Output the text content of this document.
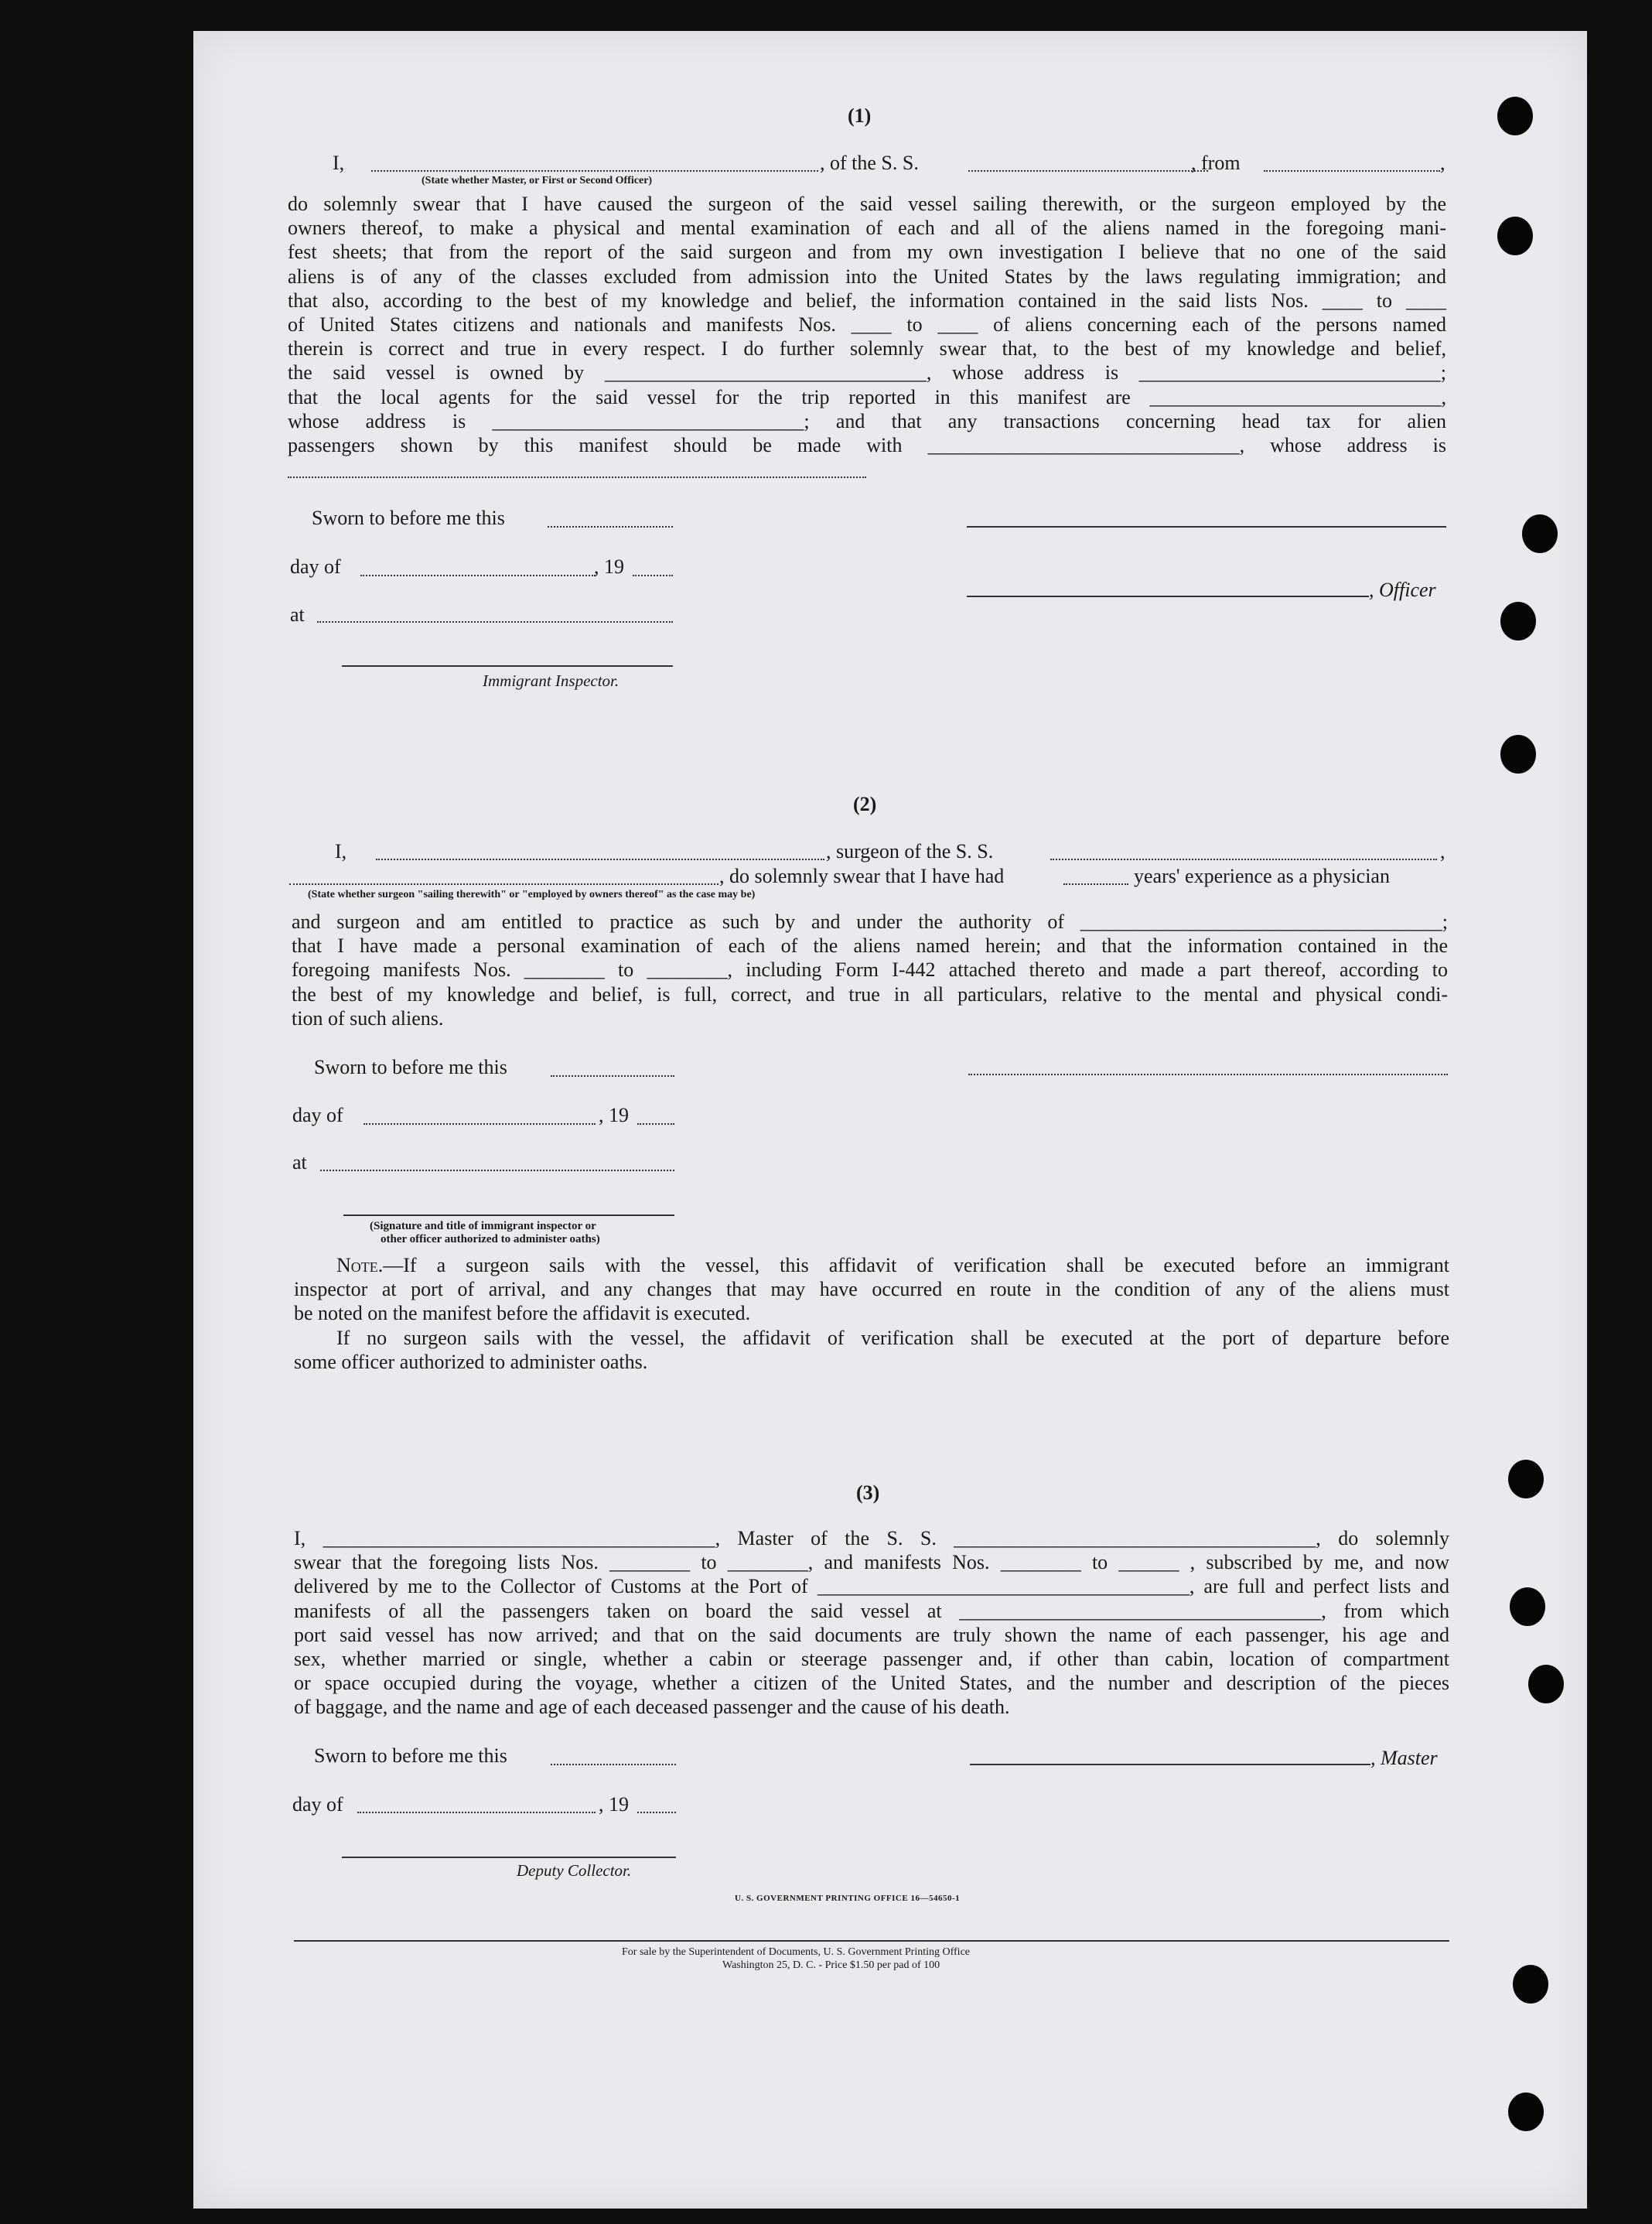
(1)
I,	, of the S. S.	, from	,
(State whether Master, or First or Second Officer)
do solemnly swear that I have caused the surgeon of the said vessel sailing therewith, or the surgeon employed by the
owners thereof, to make a physical and mental examination of each and all of the aliens named in the foregoing mani-
fest sheets; that from the report of the said surgeon and from my own investigation I believe that no one of the said
aliens is of any of the classes excluded from admission into the United States by the laws regulating immigration; and
that also, according to the best of my knowledge and belief, the information contained in the said lists Nos. ____ to ____
of United States citizens and nationals and manifests Nos. ____ to ____ of aliens concerning each of the persons named
therein is correct and true in every respect. I do further solemnly swear that, to the best of my knowledge and belief,
the said vessel is owned by ________________________________, whose address is ______________________________;
that the local agents for the said vessel for the trip reported in this manifest are _____________________________,
whose address is _______________________________; and that any transactions concerning head tax for alien
passengers shown by this manifest should be made with _______________________________, whose address is
Sworn to before me this
day of	, 19
, Officer
at
Immigrant Inspector.
(2)
I,	, surgeon of the S. S.	,
, do solemnly swear that I have had	years' experience as a physician
(State whether surgeon "sailing therewith" or "employed by owners thereof" as the case may be)
and surgeon and am entitled to practice as such by and under the authority of ____________________________________;
that I have made a personal examination of each of the aliens named herein; and that the information contained in the
foregoing manifests Nos. ________ to ________, including Form I-442 attached thereto and made a part thereof, according to
the best of my knowledge and belief, is full, correct, and true in all particulars, relative to the mental and physical condi-
tion of such aliens.
Sworn to before me this
day of	, 19
at
(Signature and title of immigrant inspector or
other officer authorized to administer oaths)
Note.—If a surgeon sails with the vessel, this affidavit of verification shall be executed before an immigrant
inspector at port of arrival, and any changes that may have occurred en route in the condition of any of the aliens must
be noted on the manifest before the affidavit is executed.
If no surgeon sails with the vessel, the affidavit of verification shall be executed at the port of departure before
some officer authorized to administer oaths.
(3)
I, _______________________________________, Master of the S. S. ____________________________________, do solemnly
swear that the foregoing lists Nos. ________ to ________, and manifests Nos. ________ to ______ , subscribed by me, and now
delivered by me to the Collector of Customs at the Port of _____________________________________, are full and perfect lists and
manifests of all the passengers taken on board the said vessel at ____________________________________, from which
port said vessel has now arrived; and that on the said documents are truly shown the name of each passenger, his age and
sex, whether married or single, whether a cabin or steerage passenger and, if other than cabin, location of compartment
or space occupied during the voyage, whether a citizen of the United States, and the number and description of the pieces
of baggage, and the name and age of each deceased passenger and the cause of his death.
Sworn to before me this	, Master
day of	, 19
Deputy Collector.
U. S. GOVERNMENT PRINTING OFFICE 16—54650-1
For sale by the Superintendent of Documents, U. S. Government Printing Office
Washington 25, D. C. - Price $1.50 per pad of 100
